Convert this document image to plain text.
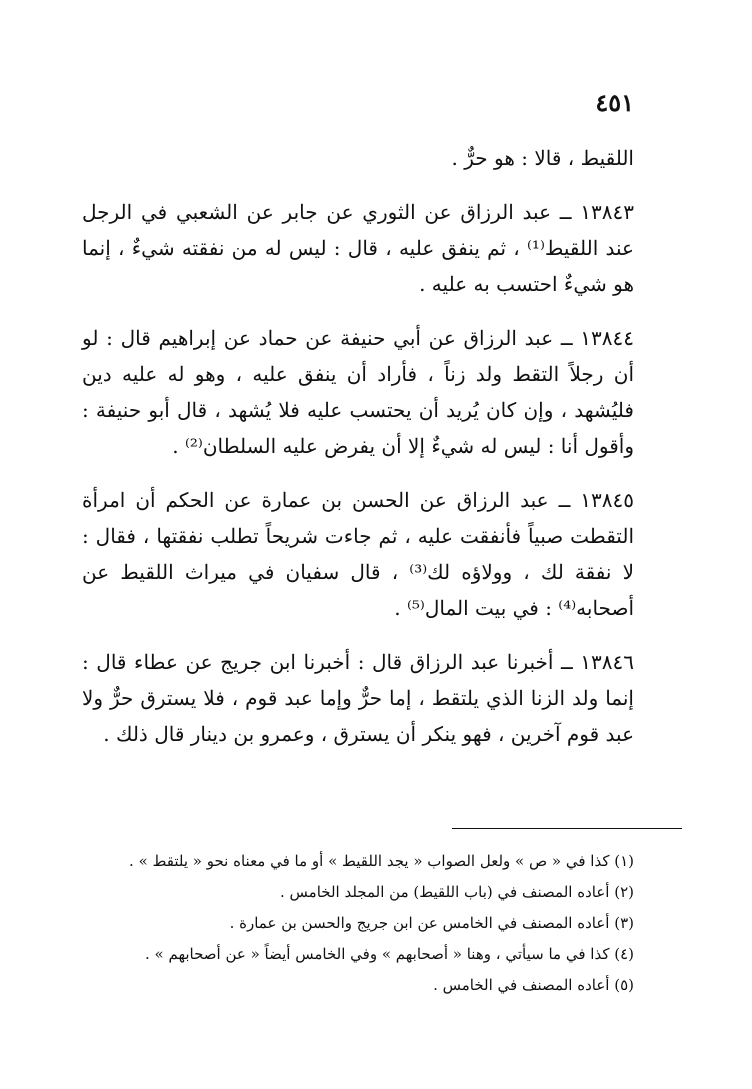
٤٥١

اللقيط ، قالا : هو حرٌّ .

١٣٨٤٣ ــ عبد الرزاق عن الثوري عن جابر عن الشعبي في الرجل عند اللقيط⁽¹⁾ ، ثم ينفق عليه ، قال : ليس له من نفقته شيءٌ ، إنما هو شيءٌ احتسب به عليه .

١٣٨٤٤ ــ عبد الرزاق عن أبي حنيفة عن حماد عن إبراهيم قال : لو أن رجلاً التقط ولد زناً ، فأراد أن ينفق عليه ، وهو له عليه دين فليُشهد ، وإن كان يُريد أن يحتسب عليه فلا يُشهد ، قال أبو حنيفة : وأقول أنا : ليس له شيءٌ إلا أن يفرض عليه السلطان⁽²⁾ .

١٣٨٤٥ ــ عبد الرزاق عن الحسن بن عمارة عن الحكم أن امرأة التقطت صبياً فأنفقت عليه ، ثم جاءت شريحاً تطلب نفقتها ، فقال : لا نفقة لك ، وولاؤه لك⁽³⁾ ، قال سفيان في ميراث اللقيط عن أصحابه⁽⁴⁾ : في بيت المال⁽⁵⁾ .

١٣٨٤٦ ــ أخبرنا عبد الرزاق قال : أخبرنا ابن جريج عن عطاء قال : إنما ولد الزنا الذي يلتقط ، إما حرٌّ وإما عبد قوم ، فلا يسترق حرٌّ ولا عبد قوم آخرين ، فهو ينكر أن يسترق ، وعمرو بن دينار قال ذلك .

(١) كذا في « ص » ولعل الصواب « يجد اللقيط » أو ما في معناه نحو « يلتقط » .
(٢) أعاده المصنف في (باب اللقيط) من المجلد الخامس .
(٣) أعاده المصنف في الخامس عن ابن جريج والحسن بن عمارة .
(٤) كذا في ما سيأتي ، وهنا « أصحابهم » وفي الخامس أيضاً « عن أصحابهم » .
(٥) أعاده المصنف في الخامس .
